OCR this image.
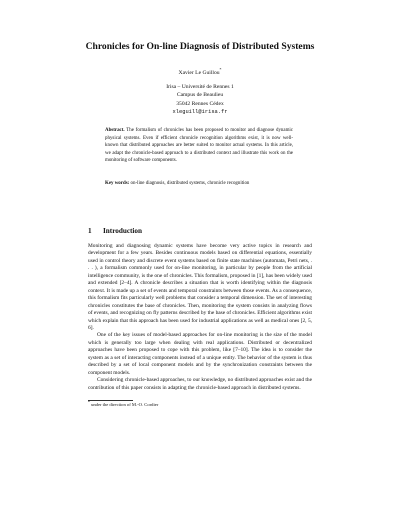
Chronicles for On-line Diagnosis of Distributed Systems
Xavier Le Guillou*
Irisa – Université de Rennes 1
Campus de Beaulieu
35042 Rennes Cédex
xleguill@irisa.fr
Abstract. The formalism of chronicles has been proposed to monitor and diagnose dynamic physical systems. Even if efficient chronicle recognition algorithms exist, it is now well-known that distributed approaches are better suited to monitor actual systems. In this article, we adapt the chronicle-based approach to a distributed context and illustrate this work on the monitoring of software components.
Key words: on-line diagnosis, distributed systems, chronicle recognition
1 Introduction

Monitoring and diagnosing dynamic systems have become very active topics in research and development for a few years. Besides continuous models based on differential equations, essentially used in control theory and discrete event systems based on finite state machines (automata, Petri nets, . . . ), a formalism commonly used for on-line monitoring, in particular by people from the artificial intelligence community, is the one of chronicles. This formalism, proposed in [1], has been widely used and extended [2–4]. A chronicle describes a situation that is worth identifying within the diagnosis context. It is made up a set of events and temporal constraints between those events. As a consequence, this formalism fits particularly well problems that consider a temporal dimension. The set of interesting chronicles constitutes the base of chronicles. Then, monitoring the system consists in analyzing flows of events, and recognizing on fly patterns described by the base of chronicles. Efficient algorithms exist which explain that this approach has been used for industrial applications as well as medical ones [2, 5, 6].

One of the key issues of model-based approaches for on-line monitoring is the size of the model which is generally too large when dealing with real applications. Distributed or decentralized approaches have been proposed to cope with this problem, like [7–10]. The idea is to consider the system as a set of interacting components instead of a unique entity. The behavior of the system is thus described by a set of local component models and by the synchronization constraints between the component models.

Considering chronicle-based approaches, to our knowledge, no distributed approaches exist and the contribution of this paper consists in adapting the chronicle-based approach in distributed systems.

* under the direction of M.-O. Cordier
